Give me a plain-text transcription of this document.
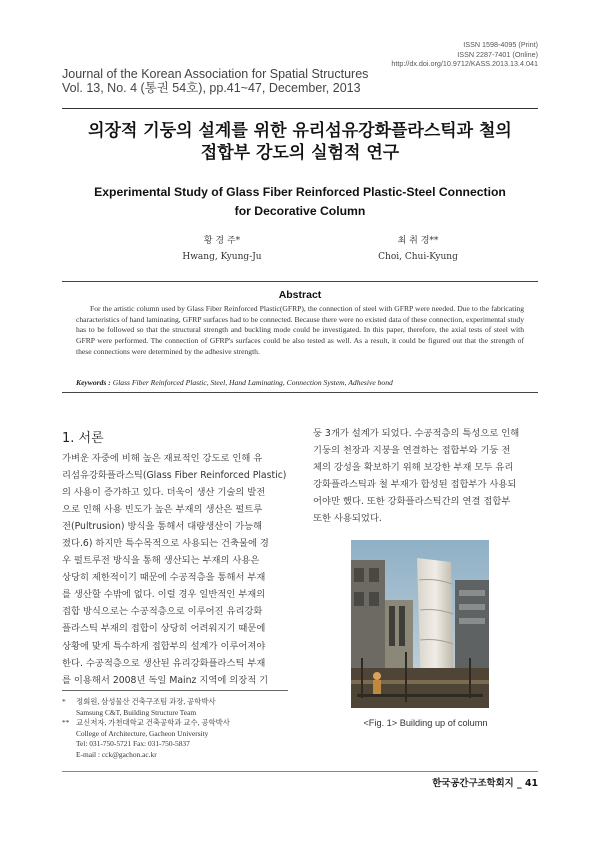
ISSN 1598-4095 (Print)
ISSN 2287-7401 (Online)
http://dx.doi.org/10.9712/KASS.2013.13.4.041
Journal of the Korean Association for Spatial Structures
Vol. 13, No. 4 (통권 54호), pp.41~47, December, 2013
의장적 기둥의 설계를 위한 유리섬유강화플라스틱과 철의
접합부 강도의 실험적 연구
Experimental Study of Glass Fiber Reinforced Plastic-Steel Connection
for Decorative Column
황 경 주*
Hwang, Kyung-Ju
최 취 경**
Choi, Chui-Kyung
Abstract
For the artistic column used by Glass Fiber Reinforced Plastic(GFRP), the connection of steel with GFRP were needed. Due to the fabricating characteristics of hand laminating, GFRP surfaces had to be connected. Because there were no existed data of these connection, experimental study has to be followed so that the structural strength and buckling mode could be investigated. In this paper, therefore, the axial tests of steel with GFRP were performed. The connection of GFRP's surfaces could be also tested as well. As a result, it could be figured out that the strength of these connections were determined by the adhesive strength.
Keywords : Glass Fiber Reinforced Plastic, Steel, Hand Laminating, Connection System, Adhesive bond
1. 서론
가벼운 자중에 비해 높은 재료적인 강도로 인해 유
리섬유강화플라스틱(Glass Fiber Reinforced Plastic)
의 사용이 증가하고 있다. 더욱이 생산 기술의 발전
으로 인해 사용 빈도가 높은 부재의 생산은 펄트루
전(Pultrusion) 방식을 통해서 대량생산이 가능해
졌다.6) 하지만 특수목적으로 사용되는 건축물에 경
우 펄트루전 방식을 통해 생산되는 부재의 사용은
상당히 제한적이기 때문에 수공적층을 통해서 부재
를 생산할 수밖에 없다. 이럴 경우 일반적인 부재의
접합 방식으로는 수공적층으로 이루어진 유리강화
플라스틱 부재의 접합이 상당히 어려워지기 때문에
상황에 맞게 특수하게 접합부의 설계가 이루어져야
한다. 수공적층으로 생산된 유리강화플라스틱 부재
를 이용해서 2008년 독일 Mainz 지역에 의장적 기
둥 3개가 설계가 되었다. 수공적층의 특성으로 인해
기둥의 천장과 지붕을 연결하는 접합부와 기둥 전
체의 강성을 확보하기 위해 보강한 부재 모두 유리
강화플라스틱과 철 부재가 합성된 접합부가 사용되
어야만 했다. 또한 강화플라스틱간의 연결 접합부
또한 사용되었다.
<Fig. 1> Building up of column
* 정회원, 삼성물산 건축구조팀 과장, 공학박사
Samsung C&T, Building Structure Team
** 교신저자, 가천대학교 건축공학과 교수, 공학박사
College of Architecture, Gacheon University
Tel: 031-750-5721 Fax: 031-750-5837
E-mail : cck@gachon.ac.kr
한국공간구조학회지 _ 41
